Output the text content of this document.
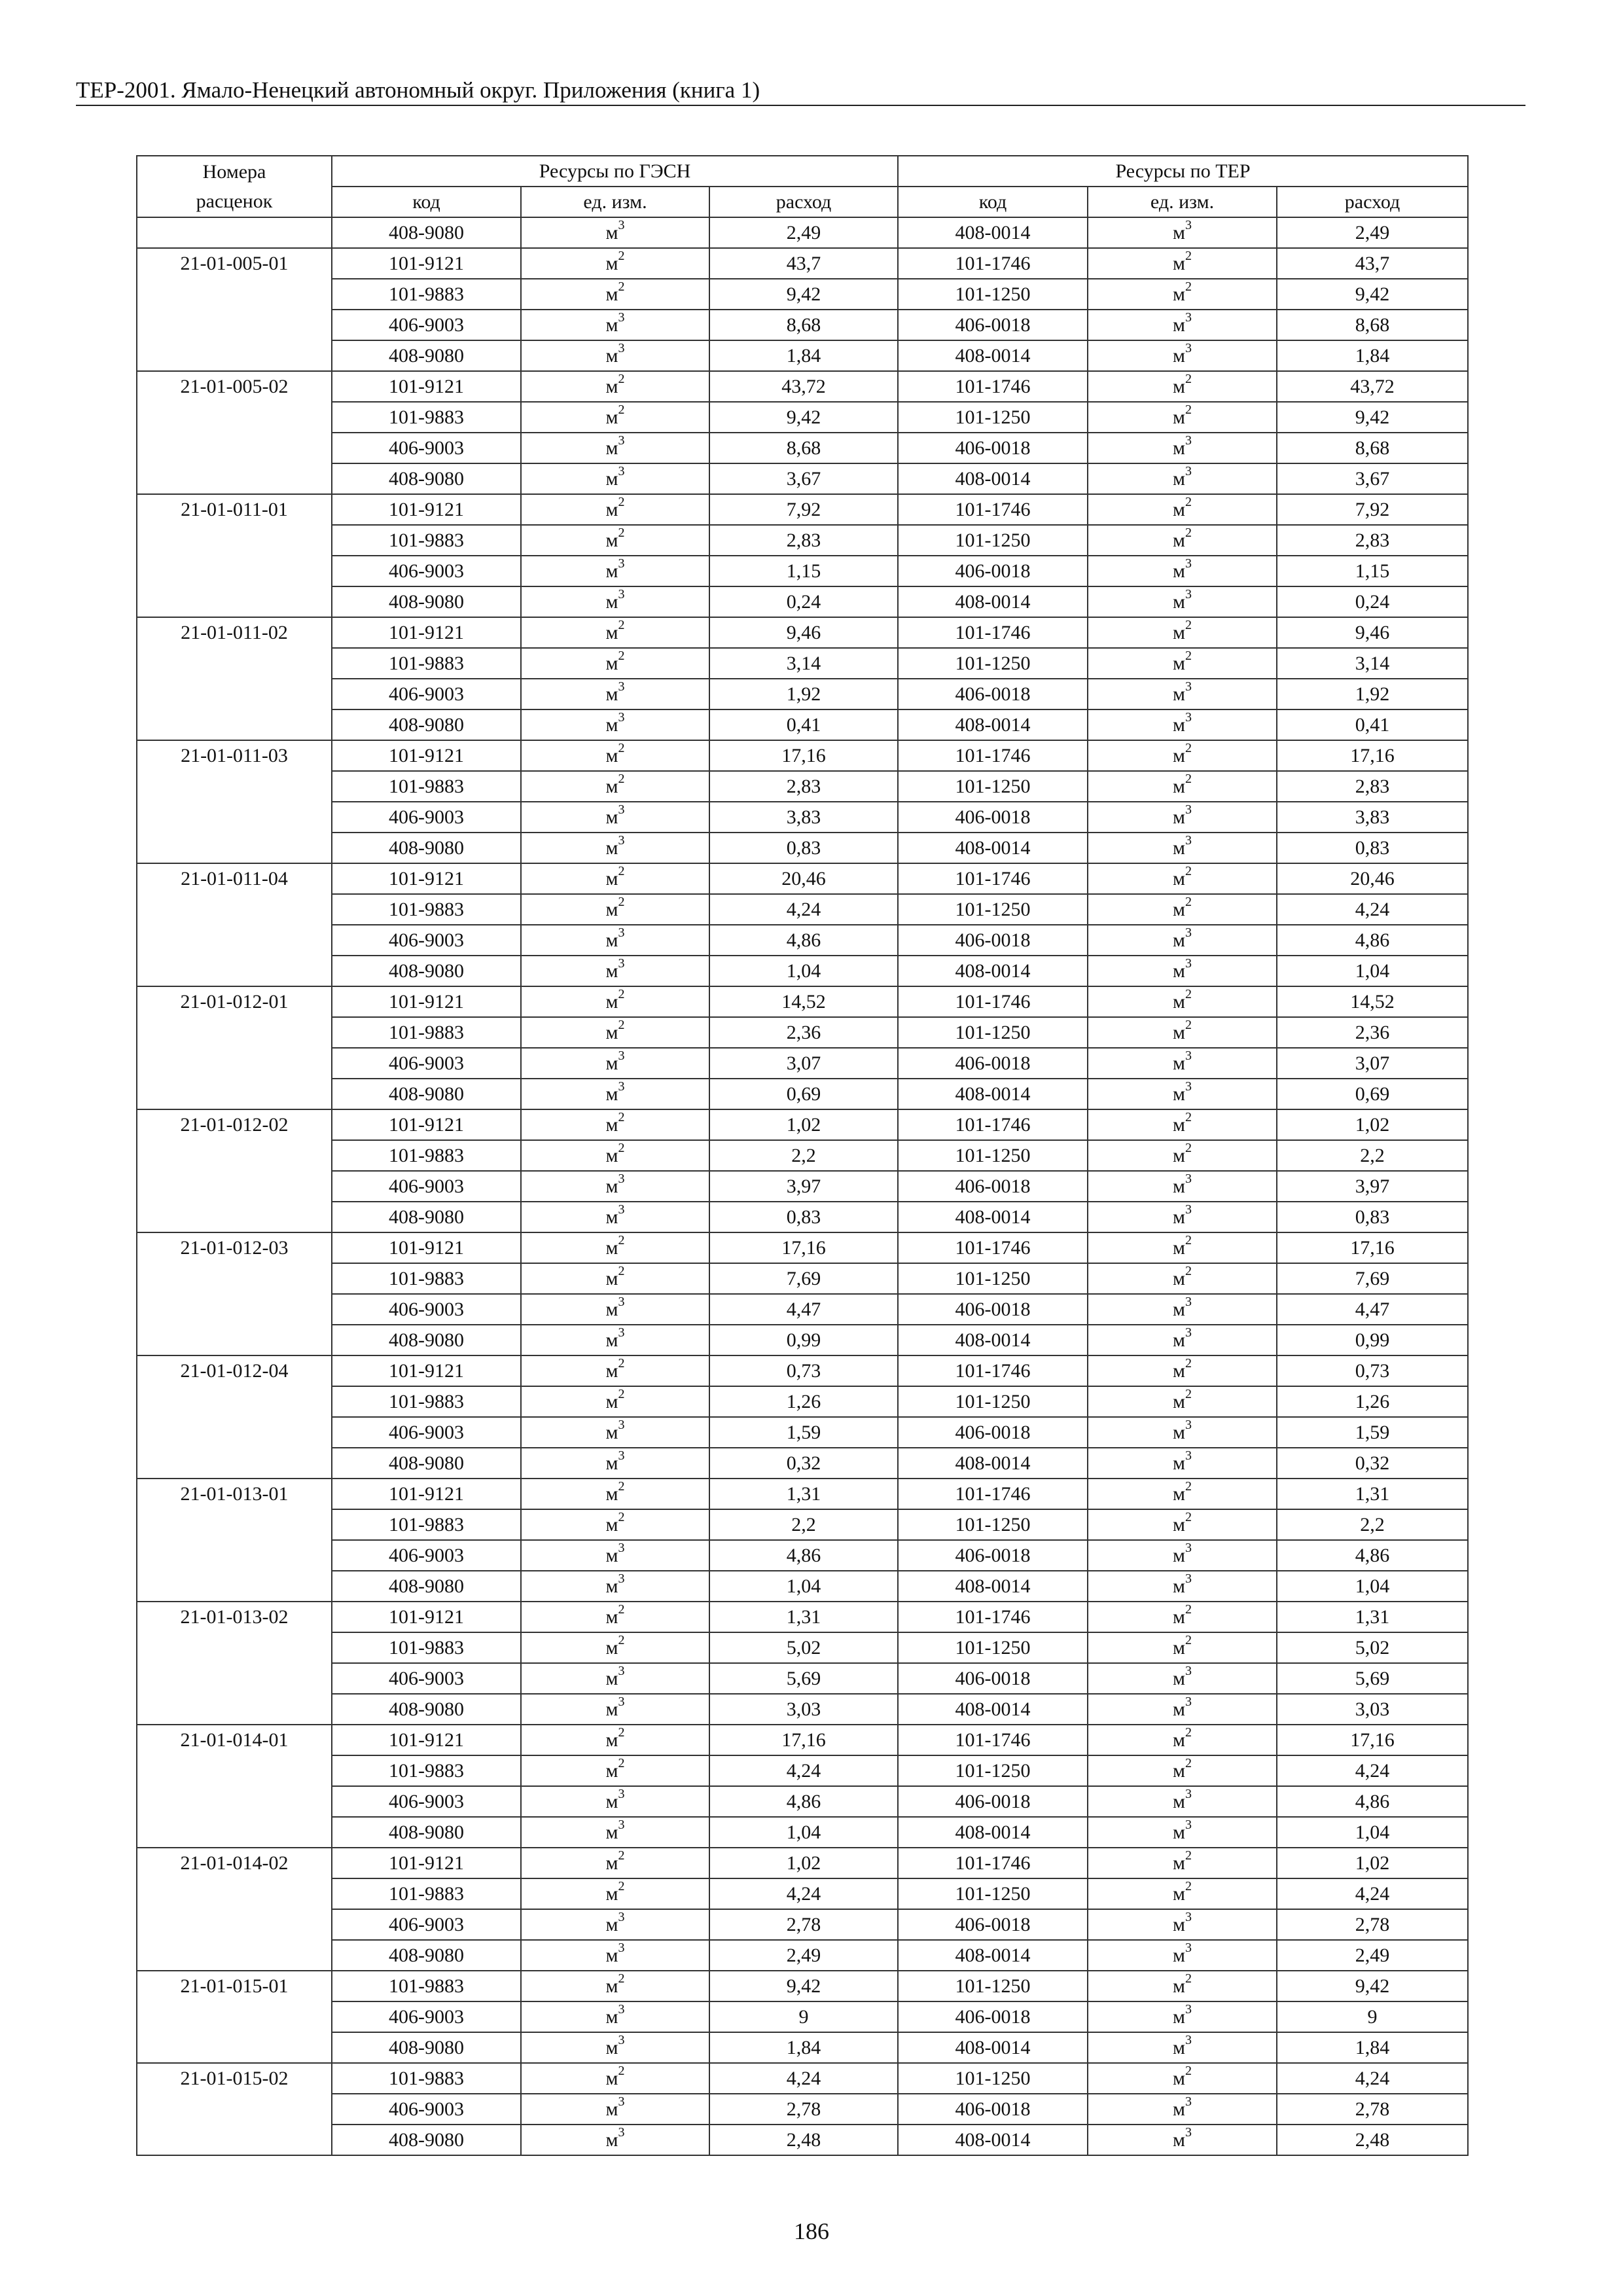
ТЕР-2001. Ямало-Ненецкий автономный округ. Приложения (книга 1)
Номера расценок	Ресурсы по ГЭСН			Ресурсы по ТЕР		
	код	ед. изм.	расход	код	ед. изм.	расход
	408-9080	$м^3$	2,49	408-0014	$м^3$	2,49
21-01-005-01	101-9121	$м^2$	43,7	101-1746	$м^2$	43,7
	101-9883	$м^2$	9,42	101-1250	$м^2$	9,42
	406-9003	$м^3$	8,68	406-0018	$м^3$	8,68
	408-9080	$м^3$	1,84	408-0014	$м^3$	1,84
21-01-005-02	101-9121	$м^2$	43,72	101-1746	$м^2$	43,72
	101-9883	$м^2$	9,42	101-1250	$м^2$	9,42
	406-9003	$м^3$	8,68	406-0018	$м^3$	8,68
	408-9080	$м^3$	3,67	408-0014	$м^3$	3,67
21-01-011-01	101-9121	$м^2$	7,92	101-1746	$м^2$	7,92
	101-9883	$м^2$	2,83	101-1250	$м^2$	2,83
	406-9003	$м^3$	1,15	406-0018	$м^3$	1,15
	408-9080	$м^3$	0,24	408-0014	$м^3$	0,24
21-01-011-02	101-9121	$м^2$	9,46	101-1746	$м^2$	9,46
	101-9883	$м^2$	3,14	101-1250	$м^2$	3,14
	406-9003	$м^3$	1,92	406-0018	$м^3$	1,92
	408-9080	$м^3$	0,41	408-0014	$м^3$	0,41
21-01-011-03	101-9121	$м^2$	17,16	101-1746	$м^2$	17,16
	101-9883	$м^2$	2,83	101-1250	$м^2$	2,83
	406-9003	$м^3$	3,83	406-0018	$м^3$	3,83
	408-9080	$м^3$	0,83	408-0014	$м^3$	0,83
21-01-011-04	101-9121	$м^2$	20,46	101-1746	$м^2$	20,46
	101-9883	$м^2$	4,24	101-1250	$м^2$	4,24
	406-9003	$м^3$	4,86	406-0018	$м^3$	4,86
	408-9080	$м^3$	1,04	408-0014	$м^3$	1,04
21-01-012-01	101-9121	$м^2$	14,52	101-1746	$м^2$	14,52
	101-9883	$м^2$	2,36	101-1250	$м^2$	2,36
	406-9003	$м^3$	3,07	406-0018	$м^3$	3,07
	408-9080	$м^3$	0,69	408-0014	$м^3$	0,69
21-01-012-02	101-9121	$м^2$	1,02	101-1746	$м^2$	1,02
	101-9883	$м^2$	2,2	101-1250	$м^2$	2,2
	406-9003	$м^3$	3,97	406-0018	$м^3$	3,97
	408-9080	$м^3$	0,83	408-0014	$м^3$	0,83
21-01-012-03	101-9121	$м^2$	17,16	101-1746	$м^2$	17,16
	101-9883	$м^2$	7,69	101-1250	$м^2$	7,69
	406-9003	$м^3$	4,47	406-0018	$м^3$	4,47
	408-9080	$м^3$	0,99	408-0014	$м^3$	0,99
21-01-012-04	101-9121	$м^2$	0,73	101-1746	$м^2$	0,73
	101-9883	$м^2$	1,26	101-1250	$м^2$	1,26
	406-9003	$м^3$	1,59	406-0018	$м^3$	1,59
	408-9080	$м^3$	0,32	408-0014	$м^3$	0,32
21-01-013-01	101-9121	$м^2$	1,31	101-1746	$м^2$	1,31
	101-9883	$м^2$	2,2	101-1250	$м^2$	2,2
	406-9003	$м^3$	4,86	406-0018	$м^3$	4,86
	408-9080	$м^3$	1,04	408-0014	$м^3$	1,04
21-01-013-02	101-9121	$м^2$	1,31	101-1746	$м^2$	1,31
	101-9883	$м^2$	5,02	101-1250	$м^2$	5,02
	406-9003	$м^3$	5,69	406-0018	$м^3$	5,69
	408-9080	$м^3$	3,03	408-0014	$м^3$	3,03
21-01-014-01	101-9121	$м^2$	17,16	101-1746	$м^2$	17,16
	101-9883	$м^2$	4,24	101-1250	$м^2$	4,24
	406-9003	$м^3$	4,86	406-0018	$м^3$	4,86
	408-9080	$м^3$	1,04	408-0014	$м^3$	1,04
21-01-014-02	101-9121	$м^2$	1,02	101-1746	$м^2$	1,02
	101-9883	$м^2$	4,24	101-1250	$м^2$	4,24
	406-9003	$м^3$	2,78	406-0018	$м^3$	2,78
	408-9080	$м^3$	2,49	408-0014	$м^3$	2,49
21-01-015-01	101-9883	$м^2$	9,42	101-1250	$м^2$	9,42
	406-9003	$м^3$	9	406-0018	$м^3$	9
	408-9080	$м^3$	1,84	408-0014	$м^3$	1,84
21-01-015-02	101-9883	$м^2$	4,24	101-1250	$м^2$	4,24
	406-9003	$м^3$	2,78	406-0018	$м^3$	2,78
	408-9080	$м^3$	2,48	408-0014	$м^3$	2,48
186
